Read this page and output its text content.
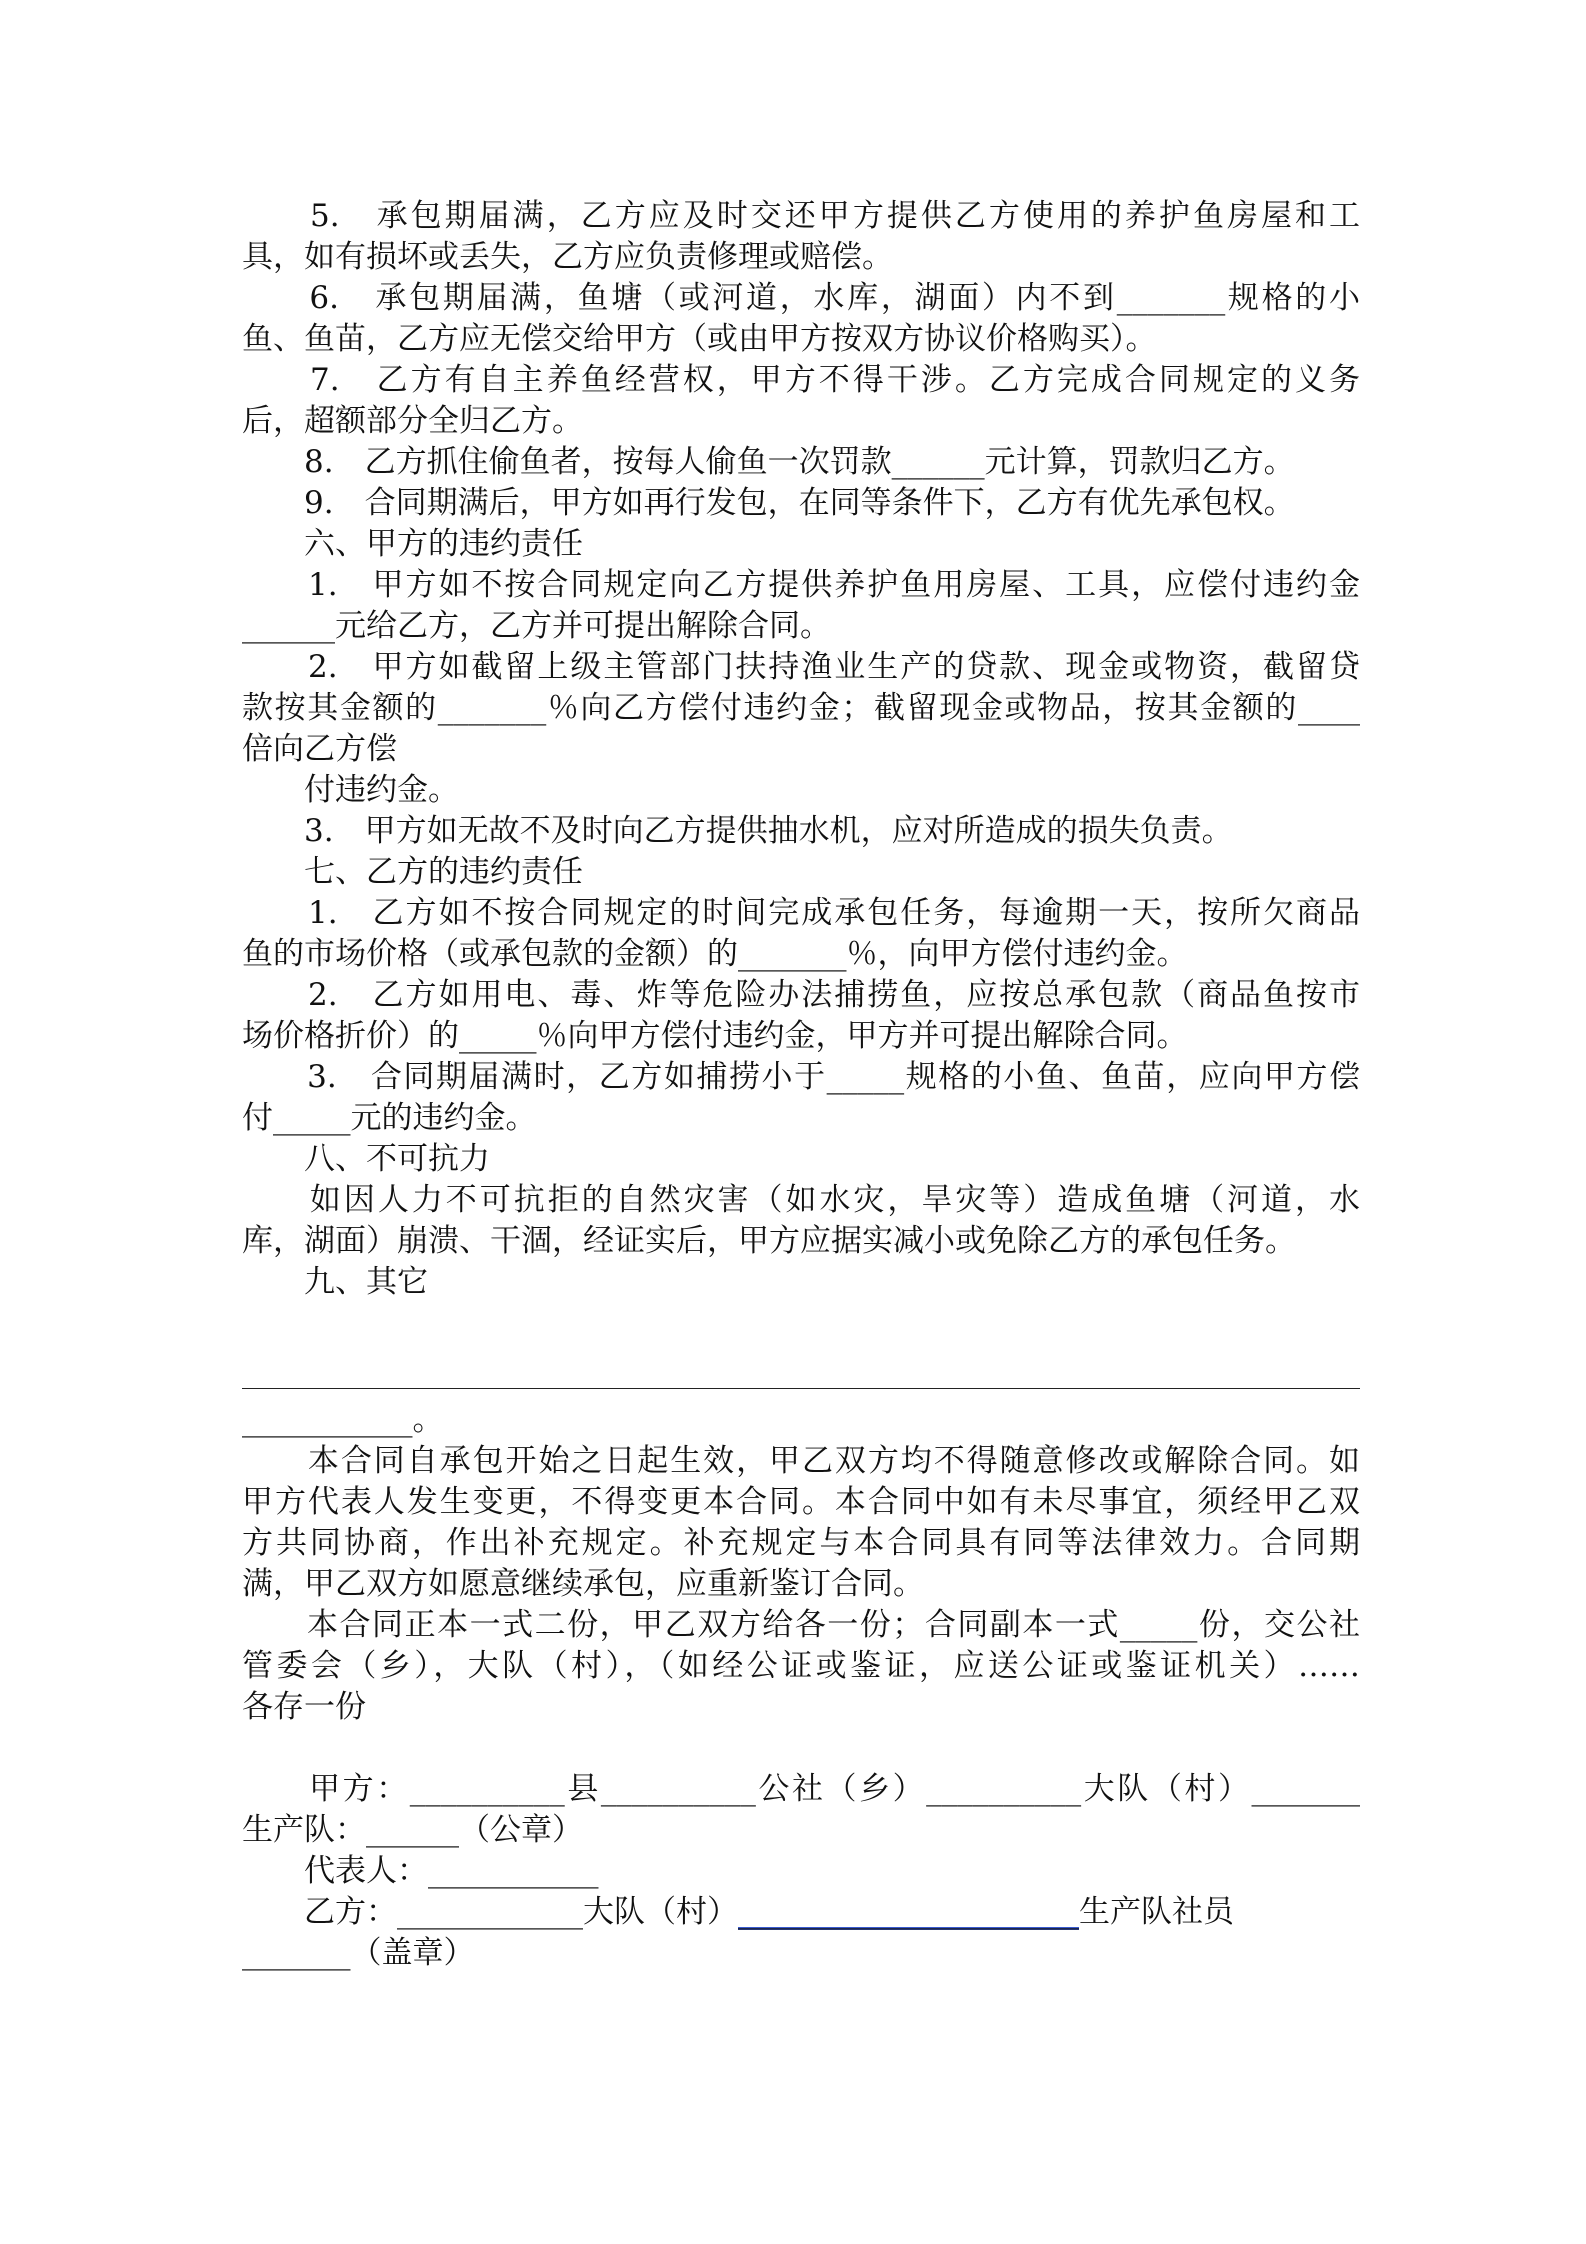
　　5.　承包期届满，乙方应及时交还甲方提供乙方使用的养护鱼房屋和工

具，如有损坏或丢失，乙方应负责修理或赔偿。

　　6.　承包期届满，鱼塘（或河道，水库，湖面）内不到_______规格的小

鱼、鱼苗，乙方应无偿交给甲方（或由甲方按双方协议价格购买）。

　　7.　乙方有自主养鱼经营权，甲方不得干涉。乙方完成合同规定的义务

后，超额部分全归乙方。

　　8.　乙方抓住偷鱼者，按每人偷鱼一次罚款______元计算，罚款归乙方。

　　9.　合同期满后，甲方如再行发包，在同等条件下，乙方有优先承包权。

　　六、甲方的违约责任

　　1.　甲方如不按合同规定向乙方提供养护鱼用房屋、工具，应偿付违约金

______元给乙方，乙方并可提出解除合同。

　　2.　甲方如截留上级主管部门扶持渔业生产的贷款、现金或物资，截留贷

款按其金额的_______％向乙方偿付违约金；截留现金或物品，按其金额的____

倍向乙方偿

　　付违约金。

　　3.　甲方如无故不及时向乙方提供抽水机，应对所造成的损失负责。

　　七、乙方的违约责任

　　1.　乙方如不按合同规定的时间完成承包任务，每逾期一天，按所欠商品

鱼的市场价格（或承包款的金额）的_______％，向甲方偿付违约金。

　　2.　乙方如用电、毒、炸等危险办法捕捞鱼，应按总承包款（商品鱼按市

场价格折价）的_____％向甲方偿付违约金，甲方并可提出解除合同。

　　3.　合同期届满时，乙方如捕捞小于_____规格的小鱼、鱼苗，应向甲方偿

付_____元的违约金。

　　八、不可抗力

　　如因人力不可抗拒的自然灾害（如水灾，旱灾等）造成鱼塘（河道，水

库，湖面）崩溃、干涸，经证实后，甲方应据实减小或免除乙方的承包任务。

　　九、其它

___________。

　　本合同自承包开始之日起生效，甲乙双方均不得随意修改或解除合同。如

甲方代表人发生变更，不得变更本合同。本合同中如有未尽事宜，须经甲乙双

方共同协商，作出补充规定。补充规定与本合同具有同等法律效力。合同期

满，甲乙双方如愿意继续承包，应重新鉴订合同。

　　本合同正本一式二份，甲乙双方给各一份；合同副本一式_____份，交公社

管委会（乡），大队（村），（如经公证或鉴证，应送公证或鉴证机关）……

各存一份

　　甲方：__________县__________公社（乡）__________大队（村）_______

生产队：______（公章）

　　代表人：___________

　　乙方：____________大队（村）______________________生产队社员

_______（盖章）
